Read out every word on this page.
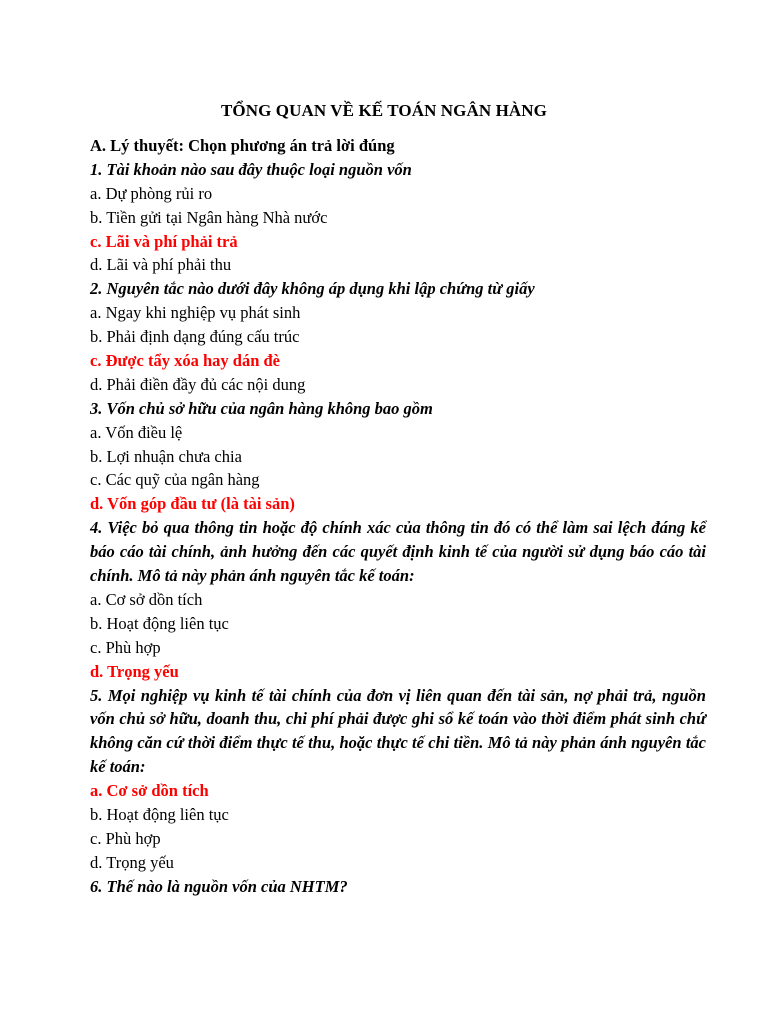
TỔNG QUAN VỀ KẾ TOÁN NGÂN HÀNG
A. Lý thuyết: Chọn phương án trả lời đúng
1. Tài khoản nào sau đây thuộc loại nguồn vốn
a. Dự phòng rủi ro
b. Tiền gửi tại Ngân hàng Nhà nước
c. Lãi và phí phải trả
d. Lãi và phí phải thu
2. Nguyên tắc nào dưới đây không áp dụng khi lập chứng từ giấy
a. Ngay khi nghiệp vụ phát sinh
b. Phải định dạng đúng cấu trúc
c. Được tẩy xóa hay dán đè
d. Phải điền đầy đủ các nội dung
3. Vốn chủ sở hữu của ngân hàng không bao gồm
a. Vốn điều lệ
b. Lợi nhuận chưa chia
c. Các quỹ của ngân hàng
d. Vốn góp đầu tư (là tài sản)
4. Việc bỏ qua thông tin hoặc độ chính xác của thông tin đó có thể làm sai lệch đáng kể báo cáo tài chính, ảnh hưởng đến các quyết định kinh tế của người sử dụng báo cáo tài chính. Mô tả này phản ánh nguyên tắc kế toán:
a. Cơ sở dồn tích
b. Hoạt động liên tục
c. Phù hợp
d. Trọng yếu
5. Mọi nghiệp vụ kinh tế tài chính của đơn vị liên quan đến tài sản, nợ phải trả, nguồn vốn chủ sở hữu, doanh thu, chi phí phải được ghi sổ kế toán vào thời điểm phát sinh chứ không căn cứ thời điểm thực tế thu, hoặc thực tế chi tiền. Mô tả này phản ánh nguyên tắc kế toán:
a. Cơ sở dồn tích
b. Hoạt động liên tục
c. Phù hợp
d. Trọng yếu
6. Thế nào là nguồn vốn của NHTM?
